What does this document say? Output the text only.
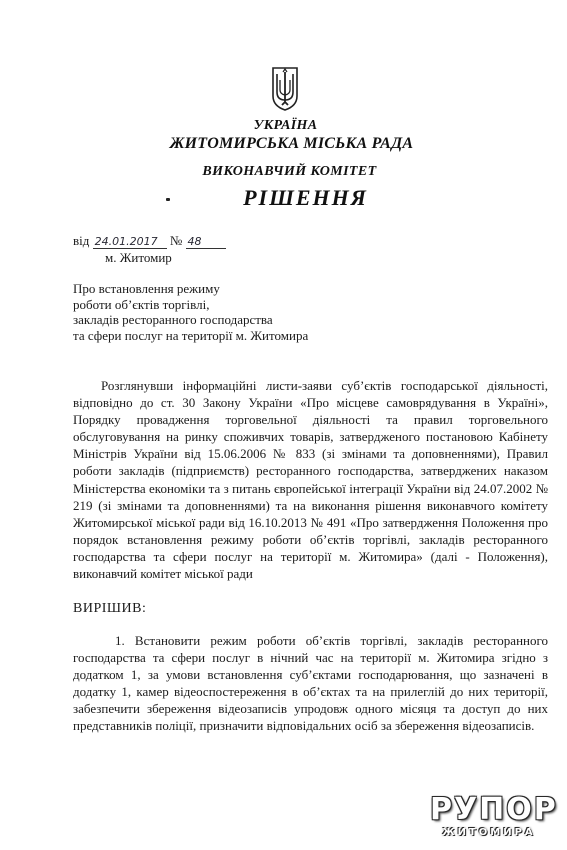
УКРАЇНА
ЖИТОМИРСЬКА МІСЬКА РАДА
ВИКОНАВЧИЙ КОМІТЕТ
РІШЕННЯ
від 24.01.2017 № 48
м. Житомир
Про встановлення режиму
роботи об’єктів торгівлі,
закладів ресторанного господарства
та сфери послуг на території м. Житомира
Розглянувши інформаційні листи-заяви суб’єктів господарської діяльності, відповідно до ст. 30 Закону України «Про місцеве самоврядування в Україні», Порядку провадження торговельної діяльності та правил торговельного обслуговування на ринку споживчих товарів, затвердженого постановою Кабінету Міністрів України від 15.06.2006 № 833 (зі змінами та доповненнями), Правил роботи закладів (підприємств) ресторанного господарства, затверджених наказом Міністерства економіки та з питань європейської інтеграції України від 24.07.2002 № 219 (зі змінами та доповненнями) та на виконання рішення виконавчого комітету Житомирської міської ради від 16.10.2013 № 491 «Про затвердження Положення про порядок встановлення режиму роботи об’єктів торгівлі, закладів ресторанного господарства та сфери послуг на території м. Житомира» (далі - Положення), виконавчий комітет міської ради
ВИРІШИВ:
1. Встановити режим роботи об’єктів торгівлі, закладів ресторанного господарства та сфери послуг в нічний час на території м. Житомира згідно з додатком 1, за умови встановлення суб’єктами господарювання, що зазначені в додатку 1, камер відеоспостереження в об’єктах та на прилеглій до них території, забезпечити збереження відеозаписів упродовж одного місяця та доступ до них представників поліції, призначити відповідальних осіб за збереження відеозаписів.
РУПОР
ЖИТОМИРА
